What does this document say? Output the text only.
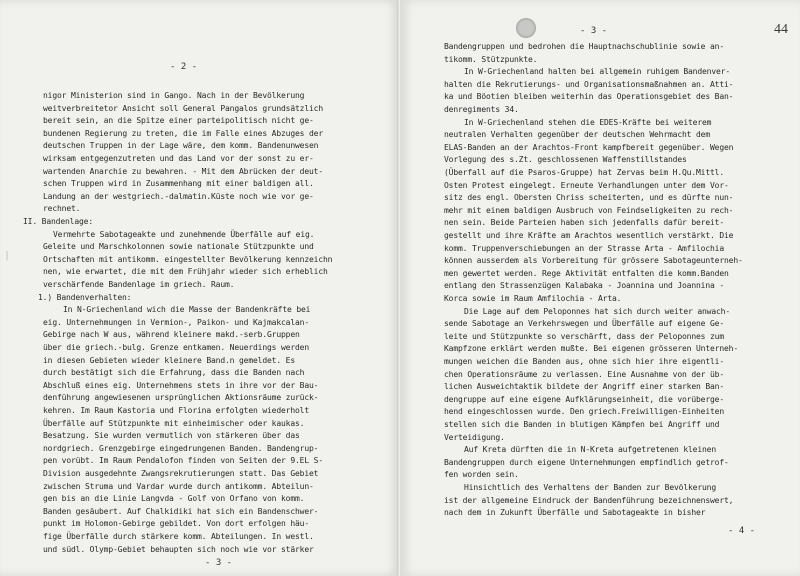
- 2 -
|
nigor Ministerion sind in Gango. Nach in der Bevölkerung
weitverbreitetor Ansicht soll General Pangalos grundsätzlich
bereit sein, an die Spitze einer parteipolitisch nicht ge-
bundenen Regierung zu treten, die im Falle eines Abzuges der
deutschen Truppen in der Lage wäre, dem komm. Bandenunwesen
wirksam entgegenzutreten und das Land vor der sonst zu er-
wartenden Anarchie zu bewahren. - Mit dem Abrücken der deut-
schen Truppen wird in Zusammenhang mit einer baldigen all.
Landung an der westgriech.-dalmatin.Küste noch wie vor ge-
rechnet.
II. Bandenlage:
Vermehrte Sabotageakte und zunehmende Überfälle auf eig.
Geleite und Marschkolonnen sowie nationale Stützpunkte und
Ortschaften mit antikomm. eingestellter Bevölkerung kennzeichn
nen, wie erwartet, die mit dem Frühjahr wieder sich erheblich
verschärfende Bandenlage im griech. Raum.
1.) Bandenverhalten:
In N-Griechenland wich die Masse der Bandenkräfte bei
eig. Unternehmungen in Vermion-, Paikon- und Kajmakcalan-
Gebirge nach W aus, während kleinere makd.-serb.Gruppen
über die griech.-bulg. Grenze entkamen. Neuerdings werden
in diesen Gebieten wieder kleinere Band.n gemeldet. Es
durch bestätigt sich die Erfahrung, dass die Banden nach
Abschluß eines eig. Unternehmens stets in ihre vor der Bau-
denführung angewiesenen ursprünglichen Aktionsräume zurück-
kehren. Im Raum Kastoria und Florina erfolgten wiederholt
Überfälle auf Stützpunkte mit einheimischer oder kaukas.
Besatzung. Sie wurden vermutlich von stärkeren über das
nordgriech. Grenzgebirge eingedrungenen Banden. Bandengrup-
pen vorübt. Im Raum Pendalofon finden von Seiten der 9.EL S-
Division ausgedehnte Zwangsrekrutierungen statt. Das Gebiet
zwischen Struma und Vardar wurde durch antikomm. Abteilun-
gen bis an die Linie Langvda - Golf von Orfano von komm.
Banden gesäubert. Auf Chalkidiki hat sich ein Bandenschwer-
punkt im Holomon-Gebirge gebildet. Von dort erfolgen häu-
fige Überfälle durch stärkere komm. Abteilungen. In westl.
und südl. Olymp-Gebiet behaupten sich noch wie vor stärker
- 3 -
- 3 -
Bandengruppen und bedrohen die Hauptnachschublinie sowie an-
tikomm. Stützpunkte.
In W-Griechenland halten bei allgemein ruhigem Bandenver-
halten die Rekrutierungs- und Organisationsmaßnahmen an. Atti-
ka und Böotien bleiben weiterhin das Operationsgebiet des Ban-
denregiments 34.
In W-Griechenland stehen die EDES-Kräfte bei weiterem
neutralen Verhalten gegenüber der deutschen Wehrmacht dem
ELAS-Banden an der Arachtos-Front kampfbereit gegenüber. Wegen
Vorlegung des s.Zt. geschlossenen Waffenstillstandes
(Überfall auf die Psaros-Gruppe) hat Zervas beim H.Qu.Mittl.
Osten Protest eingelegt. Erneute Verhandlungen unter dem Vor-
sitz des engl. Obersten Chriss scheiterten, und es dürfte nun-
mehr mit einem baldigen Ausbruch von Feindseligkeiten zu rech-
nen sein. Beide Parteien haben sich jedenfalls dafür bereit-
gestellt und ihre Kräfte am Arachtos wesentlich verstärkt. Die
komm. Truppenverschiebungen an der Strasse Arta - Amfilochia
können ausserdem als Vorbereitung für grössere Sabotageunterneh-
men gewertet werden. Rege Aktivität entfalten die komm.Banden
entlang den Strassenzügen Kalabaka - Joannina und Joannina -
Korca sowie im Raum Amfilochia - Arta.
Die Lage auf dem Peloponnes hat sich durch weiter anwach-
sende Sabotage an Verkehrswegen und Überfälle auf eigene Ge-
leite und Stützpunkte so verschärft, dass der Peloponnes zum
Kampfzone erklärt werden mußte. Bei eigenen grösseren Unterneh-
mungen weichen die Banden aus, ohne sich hier ihre eigentli-
chen Operationsräume zu verlassen. Eine Ausnahme von der üb-
lichen Ausweichtaktik bildete der Angriff einer starken Ban-
dengruppe auf eine eigene Aufklärungseinheit, die vorüberge-
hend eingeschlossen wurde. Den griech.Freiwilligen-Einheiten
stellen sich die Banden in blutigen Kämpfen bei Angriff und
Verteidigung.
Auf Kreta dürften die in N-Kreta aufgetretenen kleinen
Bandengruppen durch eigene Unternehmungen empfindlich getrof-
fen worden sein.
Hinsichtlich des Verhaltens der Banden zur Bevölkerung
ist der allgemeine Eindruck der Bandenführung bezeichnenswert,
nach dem in Zukunft Überfälle und Sabotageakte in bisher
- 4 -
44
